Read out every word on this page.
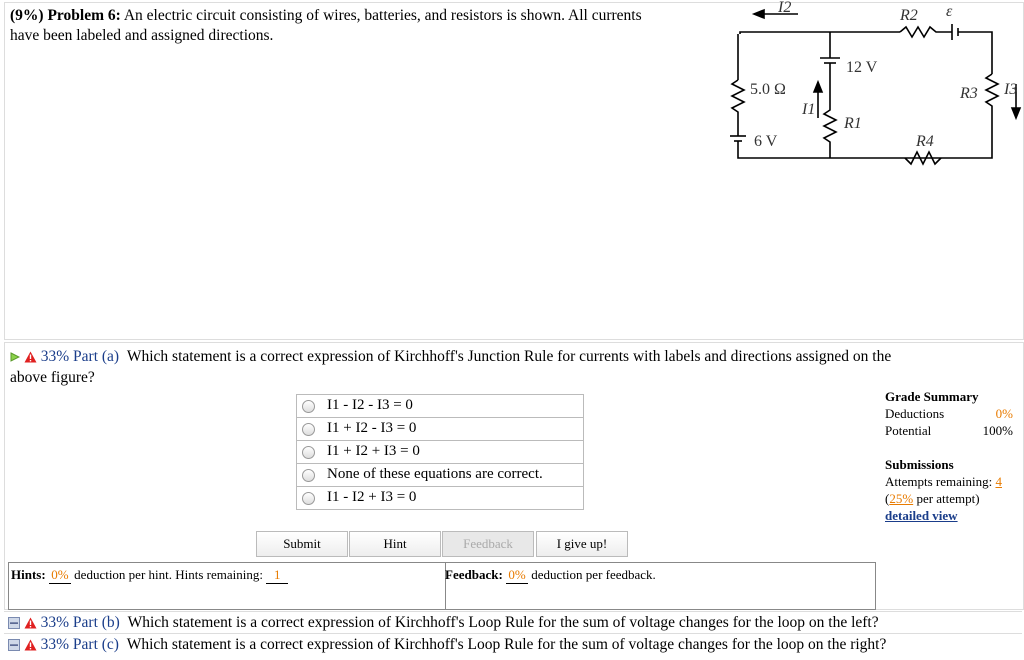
(9%) Problem 6: An electric circuit consisting of wires, batteries, and resistors is shown. All currents
have been labeled and assigned directions.
I2	R2 ε
12 V
5.0 Ω
I1
R1
R3 I3
6 V	R4
33% Part (a) Which statement is a correct expression of Kirchhoff's Junction Rule for currents with labels and directions assigned on the
above figure?
I1 - I2 - I3 = 0
I1 + I2 - I3 = 0
I1 + I2 + I3 = 0
None of these equations are correct.
I1 - I2 + I3 = 0
Grade Summary
Deductions	0%
Potential	100%
Submissions
Attempts remaining: 4
(25% per attempt)
detailed view
Submit	Hint	Feedback	I give up!
Hints: 0% deduction per hint. Hints remaining: 1	Feedback: 0% deduction per feedback.
33% Part (b) Which statement is a correct expression of Kirchhoff's Loop Rule for the sum of voltage changes for the loop on the left?
33% Part (c) Which statement is a correct expression of Kirchhoff's Loop Rule for the sum of voltage changes for the loop on the right?
